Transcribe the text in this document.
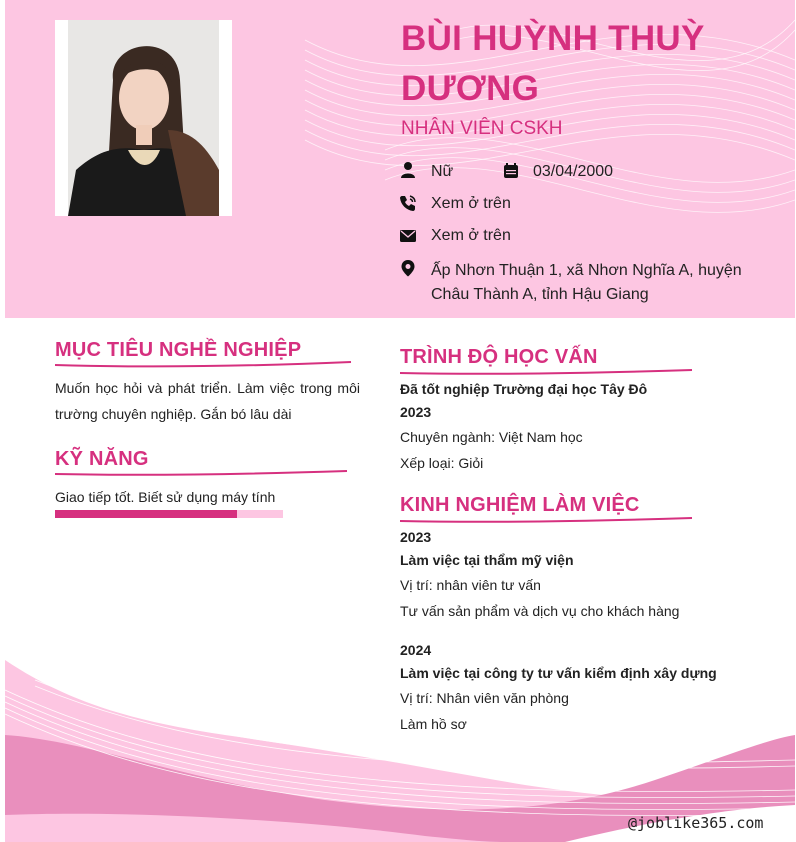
BÙI HUỲNH THUỲ DƯƠNG
NHÂN VIÊN CSKH
Nữ	03/04/2000
Xem ở trên
Xem ở trên
Ấp Nhơn Thuận 1, xã Nhơn Nghĩa A, huyện Châu Thành A, tỉnh Hậu Giang
MỤC TIÊU NGHỀ NGHIỆP
Muốn học hỏi và phát triển. Làm việc trong môi trường chuyên nghiệp. Gắn bó lâu dài
KỸ NĂNG
Giao tiếp tốt. Biết sử dụng máy tính
TRÌNH ĐỘ HỌC VẤN
Đã tốt nghiệp Trường đại học Tây Đô
2023
Chuyên ngành: Việt Nam học
Xếp loại: Giỏi
KINH NGHIỆM LÀM VIỆC
2023
Làm việc tại thẩm mỹ viện
Vị trí: nhân viên tư vấn
Tư vấn sản phẩm và dịch vụ cho khách hàng
2024
Làm việc tại công ty tư vấn kiểm định xây dựng
Vị trí: Nhân viên văn phòng
Làm hồ sơ
@joblike365.com
